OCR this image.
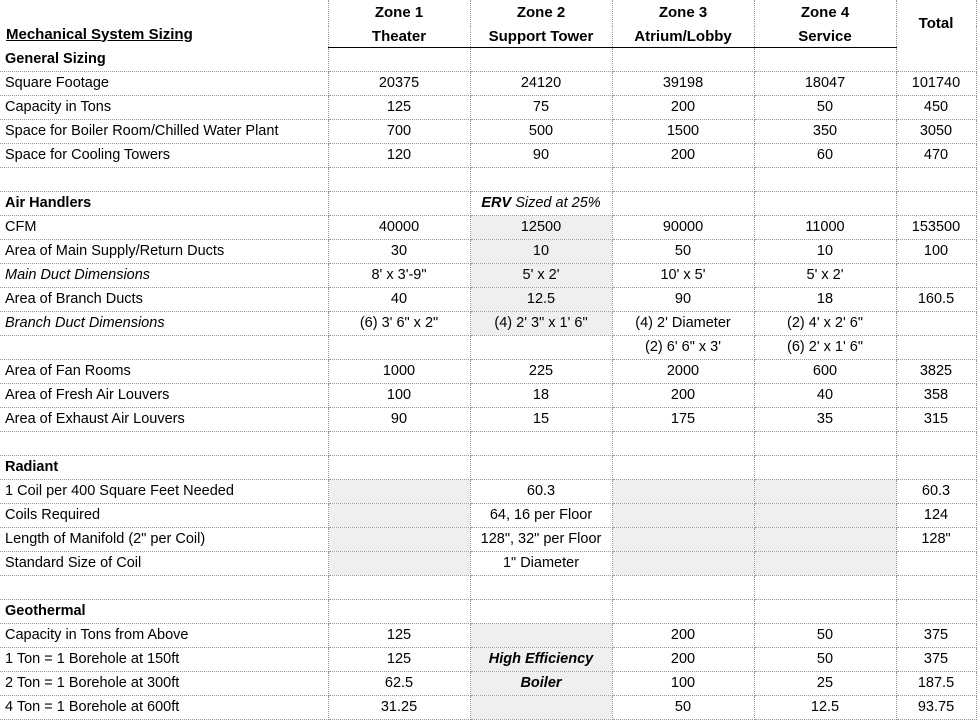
Mechanical System Sizing	Zone 1	Zone 2	Zone 3	Zone 4	Total
	Theater	Support Tower	Atrium/Lobby	Service	
General Sizing					
Square Footage	20375	24120	39198	18047	101740
Capacity in Tons	125	75	200	50	450
Space for Boiler Room/Chilled Water Plant	700	500	1500	350	3050
Space for Cooling Towers	120	90	200	60	470

Air Handlers		ERV Sized at 25%			
CFM	40000	12500	90000	11000	153500
Area of Main Supply/Return Ducts	30	10	50	10	100
Main Duct Dimensions	8' x 3'-9"	5' x 2'	10' x 5'	5' x 2'	
Area of Branch Ducts	40	12.5	90	18	160.5
Branch Duct Dimensions	(6) 3' 6" x 2"	(4) 2' 3" x 1' 6"	(4) 2' Diameter	(2) 4' x 2' 6"	
			(2) 6' 6" x 3'	(6) 2' x 1' 6"	
Area of Fan Rooms	1000	225	2000	600	3825
Area of Fresh Air Louvers	100	18	200	40	358
Area of Exhaust Air Louvers	90	15	175	35	315

Radiant					
1 Coil per 400 Square Feet Needed		60.3			60.3
Coils Required		64, 16 per Floor			124
Length of Manifold (2" per Coil)		128", 32" per Floor			128"
Standard Size of Coil		1" Diameter			

Geothermal					
Capacity in Tons from Above	125		200	50	375
1 Ton = 1 Borehole at 150ft	125	High Efficiency	200	50	375
2 Ton = 1 Borehole at 300ft	62.5	Boiler	100	25	187.5
4 Ton = 1 Borehole at 600ft	31.25		50	12.5	93.75
